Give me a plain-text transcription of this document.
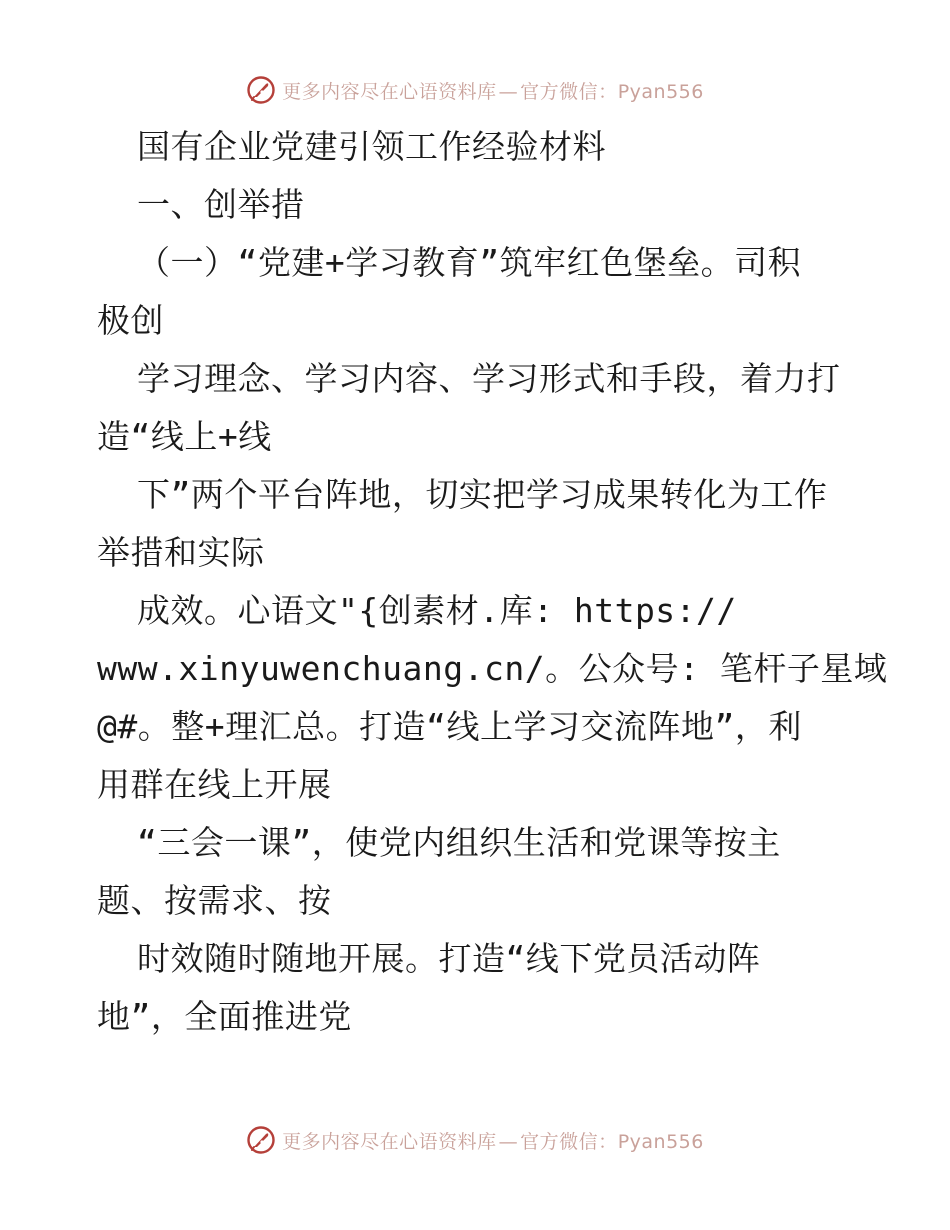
更多内容尽在心语资料库 — 官方微信：Pyan556
国有企业党建引领工作经验材料
一、创举措
（一）“党建+学习教育”筑牢红色堡垒。司积
极创
学习理念、学习内容、学习形式和手段，着力打
造“线上+线
下”两个平台阵地，切实把学习成果转化为工作
举措和实际
成效。心语文"{创素材.库: https://
www.xinyuwenchuang.cn/。公众号: 笔杆子星域
@#。整+理汇总。打造“线上学习交流阵地”，利
用群在线上开展
“三会一课”，使党内组织生活和党课等按主
题、按需求、按
时效随时随地开展。打造“线下党员活动阵
地”，全面推进党
更多内容尽在心语资料库 — 官方微信：Pyan556
